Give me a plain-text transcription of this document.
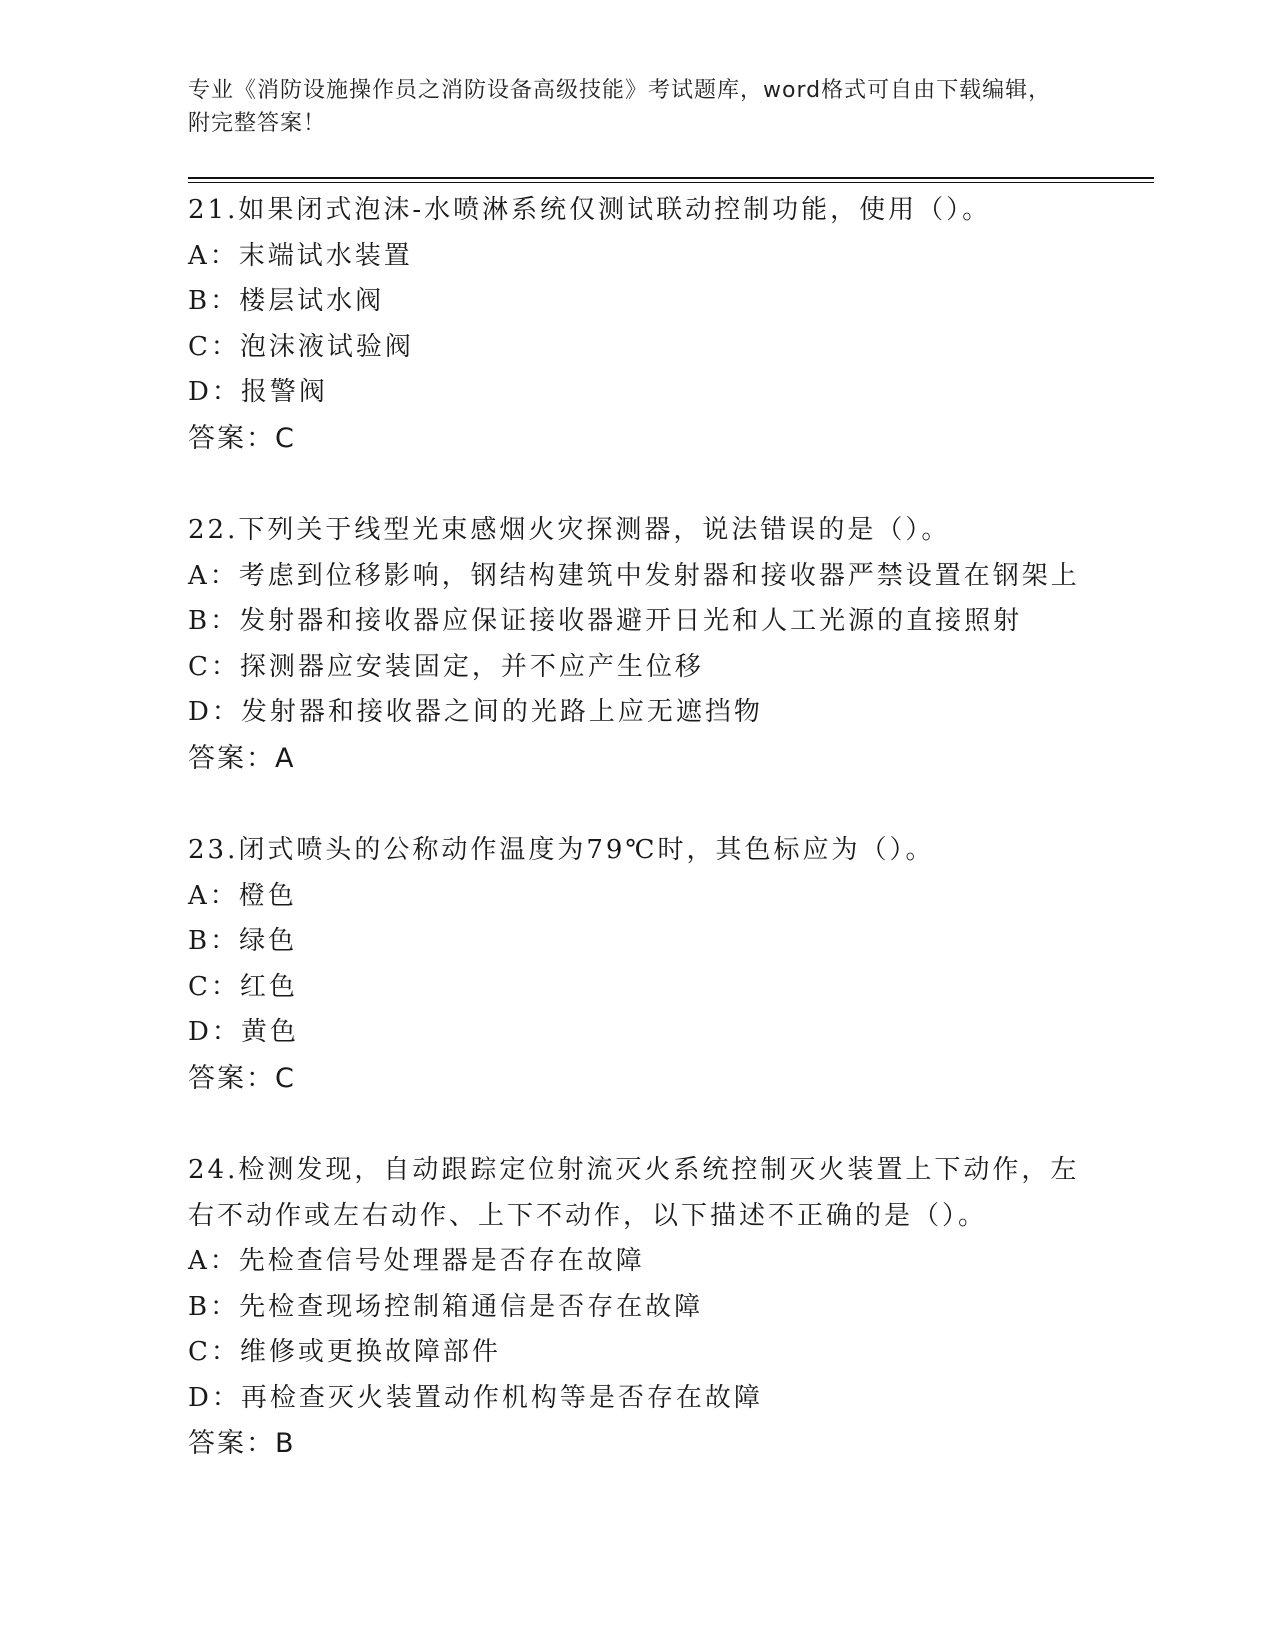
专业《消防设施操作员之消防设备高级技能》考试题库，word格式可自由下载编辑，附完整答案！
21.如果闭式泡沫-水喷淋系统仅测试联动控制功能，使用（）。
A：末端试水装置
B：楼层试水阀
C：泡沫液试验阀
D：报警阀
答案：C
22.下列关于线型光束感烟火灾探测器，说法错误的是（）。
A：考虑到位移影响，钢结构建筑中发射器和接收器严禁设置在钢架上
B：发射器和接收器应保证接收器避开日光和人工光源的直接照射
C：探测器应安装固定，并不应产生位移
D：发射器和接收器之间的光路上应无遮挡物
答案：A
23.闭式喷头的公称动作温度为79℃时，其色标应为（）。
A：橙色
B：绿色
C：红色
D：黄色
答案：C
24.检测发现，自动跟踪定位射流灭火系统控制灭火装置上下动作，左右不动作或左右动作、上下不动作，以下描述不正确的是（）。
A：先检查信号处理器是否存在故障
B：先检查现场控制箱通信是否存在故障
C：维修或更换故障部件
D：再检查灭火装置动作机构等是否存在故障
答案：B
